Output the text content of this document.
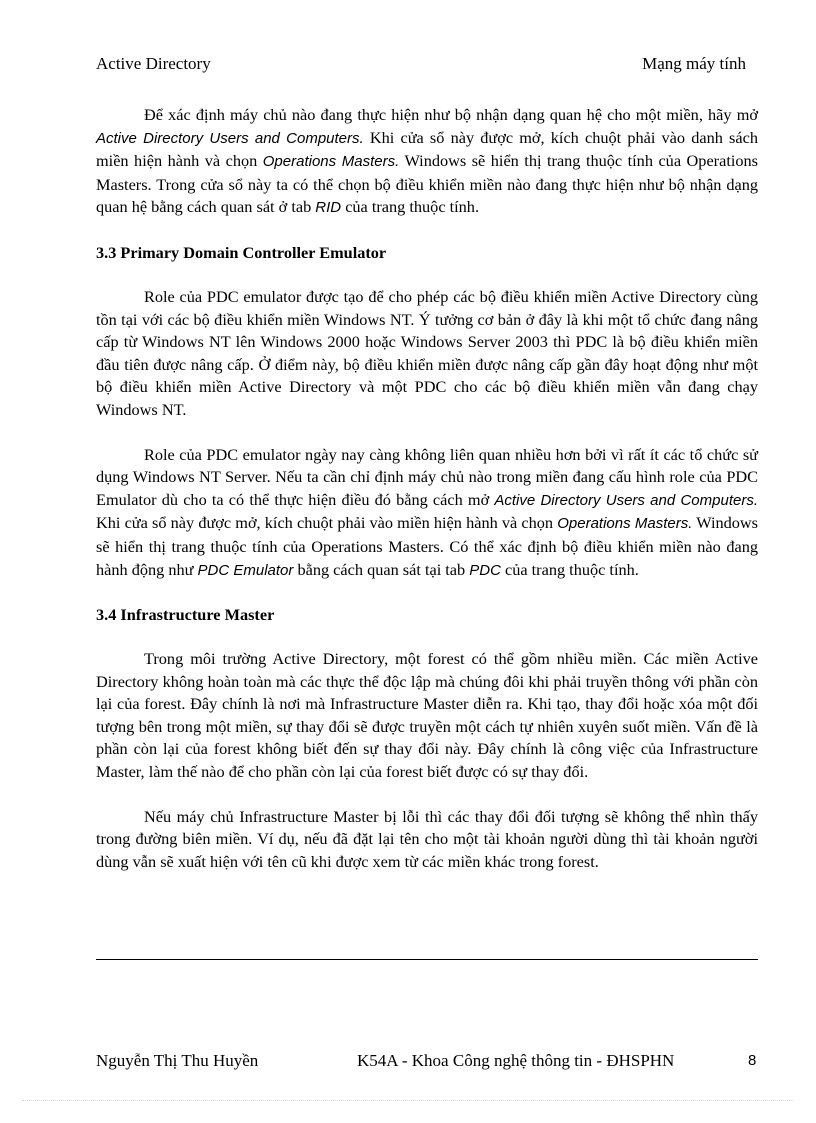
Active Directory	Mạng máy tính

Để xác định máy chủ nào đang thực hiện như bộ nhận dạng quan hệ cho một miền, hãy mở Active Directory Users and Computers. Khi cửa sổ này được mở, kích chuột phải vào danh sách miền hiện hành và chọn Operations Masters. Windows sẽ hiển thị trang thuộc tính của Operations Masters. Trong cửa sổ này ta có thể chọn bộ điều khiển miền nào đang thực hiện như bộ nhận dạng quan hệ bằng cách quan sát ở tab RID của trang thuộc tính.

3.3 Primary Domain Controller Emulator

Role của PDC emulator được tạo để cho phép các bộ điều khiển miền Active Directory cùng tồn tại với các bộ điều khiển miền Windows NT. Ý tưởng cơ bản ở đây là khi một tổ chức đang nâng cấp từ Windows NT lên Windows 2000 hoặc Windows Server 2003 thì PDC là bộ điều khiển miền đầu tiên được nâng cấp. Ở điểm này, bộ điều khiển miền được nâng cấp gần đây hoạt động như một bộ điều khiển miền Active Directory và một PDC cho các bộ điều khiển miền vẫn đang chạy Windows NT.

Role của PDC emulator ngày nay càng không liên quan nhiều hơn bởi vì rất ít các tổ chức sử dụng Windows NT Server. Nếu ta cần chỉ định máy chủ nào trong miền đang cấu hình role của PDC Emulator dù cho ta có thể thực hiện điều đó bằng cách mở Active Directory Users and Computers. Khi cửa sổ này được mở, kích chuột phải vào miền hiện hành và chọn Operations Masters. Windows sẽ hiển thị trang thuộc tính của Operations Masters. Có thể xác định bộ điều khiển miền nào đang hành động như PDC Emulator bằng cách quan sát tại tab PDC của trang thuộc tính.

3.4 Infrastructure Master

Trong môi trường Active Directory, một forest có thể gồm nhiều miền. Các miền Active Directory không hoàn toàn mà các thực thể độc lập mà chúng đôi khi phải truyền thông với phần còn lại của forest. Đây chính là nơi mà Infrastructure Master diễn ra. Khi tạo, thay đổi hoặc xóa một đối tượng bên trong một miền, sự thay đổi sẽ được truyền một cách tự nhiên xuyên suốt miền. Vấn đề là phần còn lại của forest không biết đến sự thay đổi này. Đây chính là công việc của Infrastructure Master, làm thế nào để cho phần còn lại của forest biết được có sự thay đổi.

Nếu máy chủ Infrastructure Master bị lỗi thì các thay đổi đối tượng sẽ không thể nhìn thấy trong đường biên miền. Ví dụ, nếu đã đặt lại tên cho một tài khoản người dùng thì tài khoản người dùng vẫn sẽ xuất hiện với tên cũ khi được xem từ các miền khác trong forest.

Nguyễn Thị Thu Huyền	K54A - Khoa Công nghệ thông tin - ĐHSPHN	8
